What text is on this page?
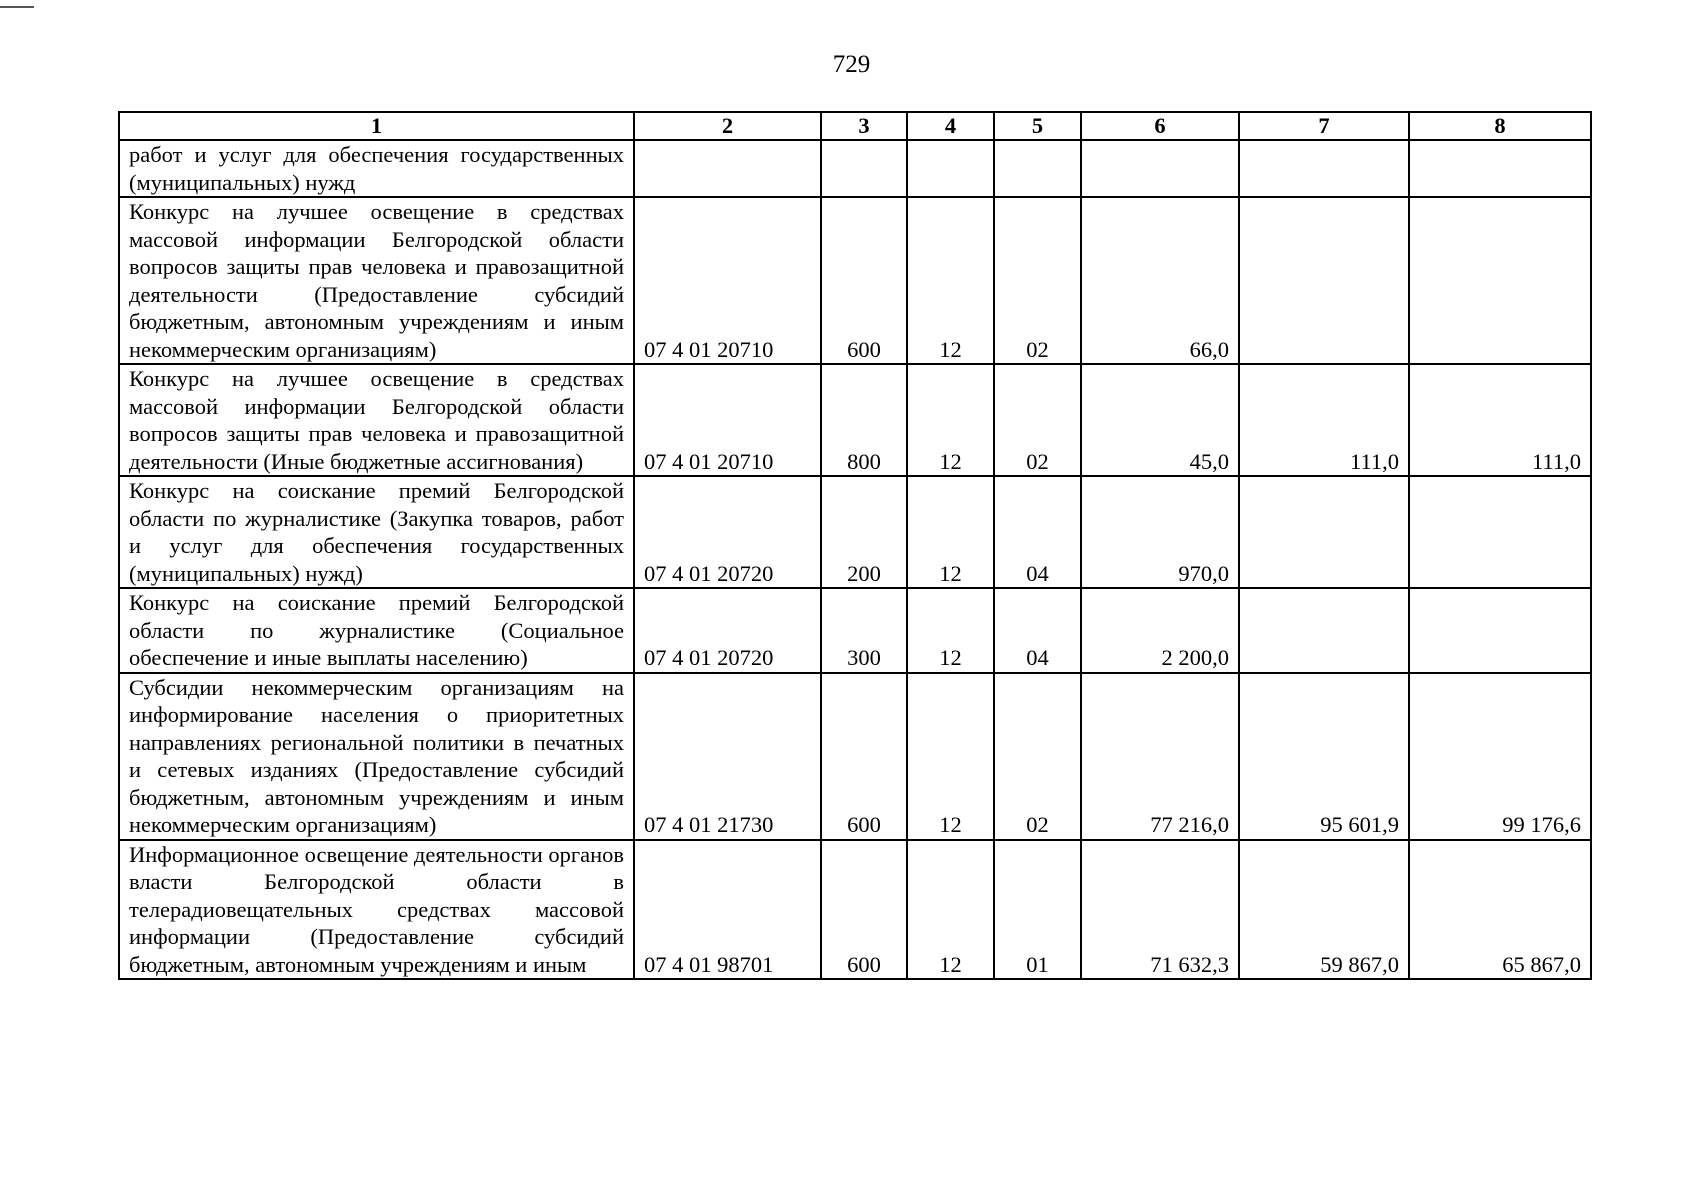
729
1	2	3	4	5	6	7	8
работ и услуг для обеспечения государственных (муниципальных) нужд							
Конкурс на лучшее освещение в средствах массовой информации Белгородской области вопросов защиты прав человека и правозащитной деятельности (Предоставление субсидий бюджетным, автономным учреждениям и иным некоммерческим организациям)	07 4 01 20710	600	12	02	66,0		
Конкурс на лучшее освещение в средствах массовой информации Белгородской области вопросов защиты прав человека и правозащитной деятельности (Иные бюджетные ассигнования)	07 4 01 20710	800	12	02	45,0	111,0	111,0
Конкурс на соискание премий Белгородской области по журналистике (Закупка товаров, работ и услуг для обеспечения государственных (муниципальных) нужд)	07 4 01 20720	200	12	04	970,0		
Конкурс на соискание премий Белгородской области по журналистике (Социальное обеспечение и иные выплаты населению)	07 4 01 20720	300	12	04	2 200,0		
Субсидии некоммерческим организациям на информирование населения о приоритетных направлениях региональной политики в печатных и сетевых изданиях (Предоставление субсидий бюджетным, автономным учреждениям и иным некоммерческим организациям)	07 4 01 21730	600	12	02	77 216,0	95 601,9	99 176,6
Информационное освещение деятельности органов власти Белгородской области в телерадиовещательных средствах массовой информации (Предоставление субсидий бюджетным, автономным учреждениям и иным	07 4 01 98701	600	12	01	71 632,3	59 867,0	65 867,0
